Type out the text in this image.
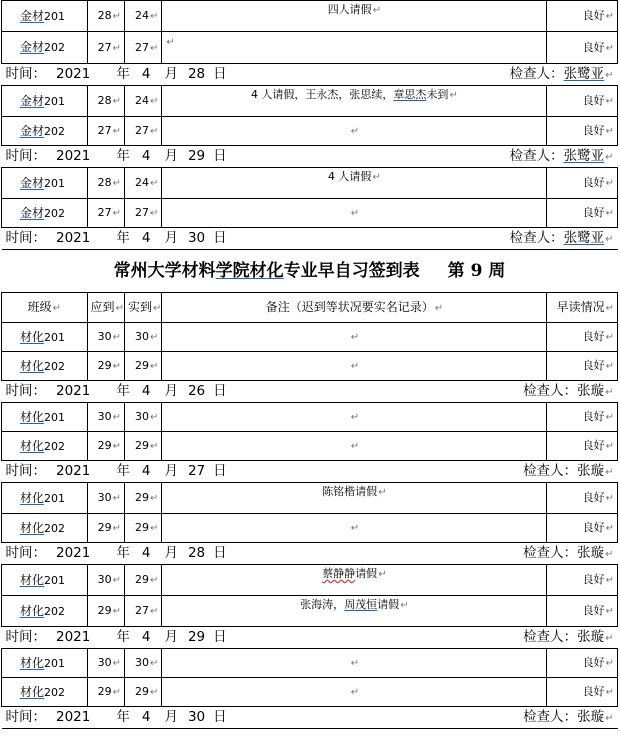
金材201	28↵	24↵	四人请假↵	良好↵
金材202	27↵	27↵	↵	良好↵

时间： 2021 年 4 月 28 日 检查人：张鹭亚↵				

金材201	28↵	24↵	4 人请假，王永杰，张思续，章思杰未到↵	良好↵
金材202	27↵	27↵	↵	良好↵

时间： 2021 年 4 月 29 日 检查人：张鹭亚↵				

金材201	28↵	24↵	4 人请假↵	良好↵
金材202	27↵	27↵	↵	良好↵

时间： 2021 年 4 月 30 日 检查人：张鹭亚↵				

常州大学材料学院材化专业早自习签到表 第 9 周				
班级↵	应到↵	实到↵	备注（迟到等状况要实名记录）↵	早读情况↵
材化201	30↵	30↵	↵	良好↵
材化202	29↵	29↵	↵	良好↵

时间： 2021 年 4 月 26 日 检查人：张璇↵				

材化201	30↵	30↵	↵	良好↵
材化202	29↵	29↵	↵	良好↵

时间： 2021 年 4 月 27 日 检查人：张璇↵				

材化201	30↵	29↵	陈铭楷请假↵	良好↵
材化202	29↵	29↵	↵	良好↵

时间： 2021 年 4 月 28 日 检查人：张璇↵				

材化201	30↵	29↵	蔡静静请假↵	良好↵
材化202	29↵	27↵	张海涛，周茂恒请假↵	良好↵

时间： 2021 年 4 月 29 日 检查人：张璇↵				

材化201	30↵	30↵	↵	良好↵
材化202	29↵	29↵	↵	良好↵

时间： 2021 年 4 月 30 日 检查人：张璇↵				
